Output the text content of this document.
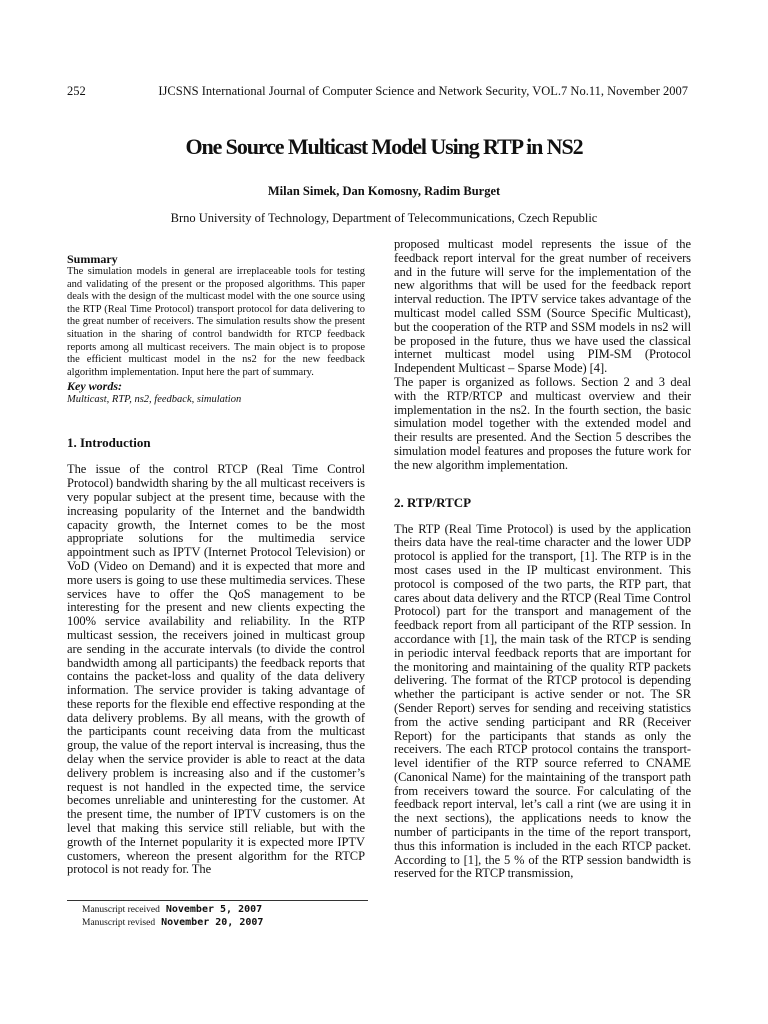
252	IJCSNS International Journal of Computer Science and Network Security, VOL.7 No.11, November 2007
One Source Multicast Model Using RTP in NS2
Milan Simek, Dan Komosny, Radim Burget
Brno University of Technology, Department of Telecommunications, Czech Republic
Summary

The simulation models in general are irreplaceable tools for testing and validating of the present or the proposed algorithms. This paper deals with the design of the multicast model with the one source using the RTP (Real Time Protocol) transport protocol for data delivering to the great number of receivers. The simulation results show the present situation in the sharing of control bandwidth for RTCP feedback reports among all multicast receivers. The main object is to propose the efficient multicast model in the ns2 for the new feedback algorithm implementation. Input here the part of summary.

Key words:
Multicast, RTP, ns2, feedback, simulation

1. Introduction

The issue of the control RTCP (Real Time Control Protocol) bandwidth sharing by the all multicast receivers is very popular subject at the present time, because with the increasing popularity of the Internet and the bandwidth capacity growth, the Internet comes to be the most appropriate solutions for the multimedia service appointment such as IPTV (Internet Protocol Television) or VoD (Video on Demand) and it is expected that more and more users is going to use these multimedia services. These services have to offer the QoS management to be interesting for the present and new clients expecting the 100% service availability and reliability. In the RTP multicast session, the receivers joined in multicast group are sending in the accurate intervals (to divide the control bandwidth among all participants) the feedback reports that contains the packet-loss and quality of the data delivery information. The service provider is taking advantage of these reports for the flexible end effective responding at the data delivery problems. By all means, with the growth of the participants count receiving data from the multicast group, the value of the report interval is increasing, thus the delay when the service provider is able to react at the data delivery problem is increasing also and if the customer’s request is not handled in the expected time, the service becomes unreliable and uninteresting for the customer. At the present time, the number of IPTV customers is on the level that making this service still reliable, but with the growth of the Internet popularity it is expected more IPTV customers, whereon the present algorithm for the RTCP protocol is not ready for. The

proposed multicast model represents the issue of the feedback report interval for the great number of receivers and in the future will serve for the implementation of the new algorithms that will be used for the feedback report interval reduction. The IPTV service takes advantage of the multicast model called SSM (Source Specific Multicast), but the cooperation of the RTP and SSM models in ns2 will be proposed in the future, thus we have used the classical internet multicast model using PIM-SM (Protocol Independent Multicast – Sparse Mode) [4].

The paper is organized as follows. Section 2 and 3 deal with the RTP/RTCP and multicast overview and their implementation in the ns2. In the fourth section, the basic simulation model together with the extended model and their results are presented. And the Section 5 describes the simulation model features and proposes the future work for the new algorithm implementation.

2. RTP/RTCP

The RTP (Real Time Protocol) is used by the application theirs data have the real-time character and the lower UDP protocol is applied for the transport, [1]. The RTP is in the most cases used in the IP multicast environment. This protocol is composed of the two parts, the RTP part, that cares about data delivery and the RTCP (Real Time Control Protocol) part for the transport and management of the feedback report from all participant of the RTP session. In accordance with [1], the main task of the RTCP is sending in periodic interval feedback reports that are important for the monitoring and maintaining of the quality RTP packets delivering. The format of the RTCP protocol is depending whether the participant is active sender or not. The SR (Sender Report) serves for sending and receiving statistics from the active sending participant and RR (Receiver Report) for the participants that stands as only the receivers. The each RTCP protocol contains the transport-level identifier of the RTP source referred to CNAME (Canonical Name) for the maintaining of the transport path from receivers toward the source. For calculating of the feedback report interval, let’s call a rint (we are using it in the next sections), the applications needs to know the number of participants in the time of the report transport, thus this information is included in the each RTCP packet. According to [1], the 5 % of the RTP session bandwidth is reserved for the RTCP transmission,

Manuscript received November 5, 2007
Manuscript revised November 20, 2007
